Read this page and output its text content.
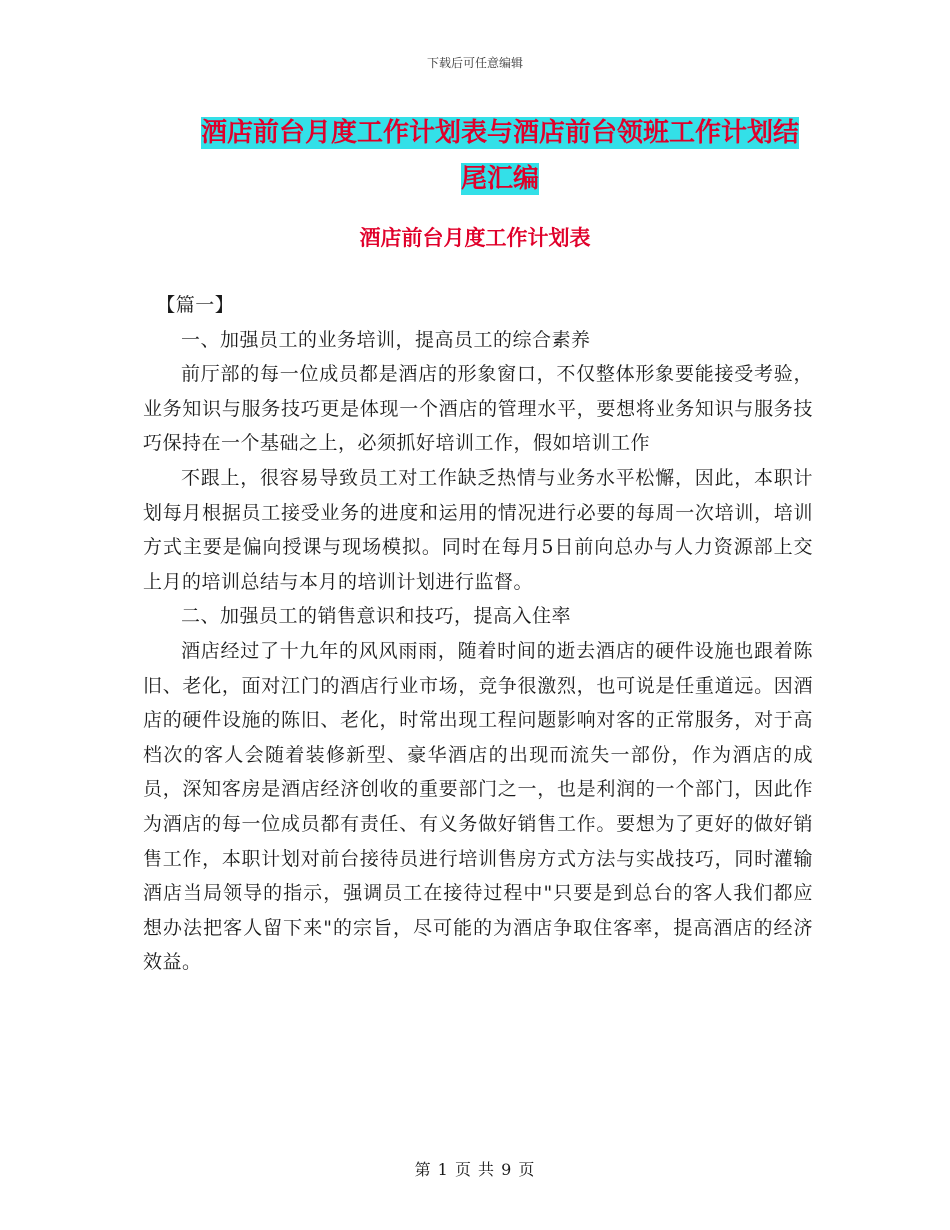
下载后可任意编辑
酒店前台月度工作计划表与酒店前台领班工作计划结尾汇编
酒店前台月度工作计划表

【篇一】

一、加强员工的业务培训，提高员工的综合素养

前厅部的每一位成员都是酒店的形象窗口，不仅整体形象要能接受考验，业务知识与服务技巧更是体现一个酒店的管理水平，要想将业务知识与服务技巧保持在一个基础之上，必须抓好培训工作，假如培训工作

不跟上，很容易导致员工对工作缺乏热情与业务水平松懈，因此，本职计划每月根据员工接受业务的进度和运用的情况进行必要的每周一次培训，培训方式主要是偏向授课与现场模拟。同时在每月5日前向总办与人力资源部上交上月的培训总结与本月的培训计划进行监督。

二、加强员工的销售意识和技巧，提高入住率

酒店经过了十九年的风风雨雨，随着时间的逝去酒店的硬件设施也跟着陈旧、老化，面对江门的酒店行业市场，竞争很激烈，也可说是任重道远。因酒店的硬件设施的陈旧、老化，时常出现工程问题影响对客的正常服务，对于高档次的客人会随着装修新型、豪华酒店的出现而流失一部份，作为酒店的成员，深知客房是酒店经济创收的重要部门之一，也是利润的一个部门，因此作为酒店的每一位成员都有责任、有义务做好销售工作。要想为了更好的做好销售工作，本职计划对前台接待员进行培训售房方式方法与实战技巧，同时灌输酒店当局领导的指示，强调员工在接待过程中"只要是到总台的客人我们都应想办法把客人留下来"的宗旨，尽可能的为酒店争取住客率，提高酒店的经济效益。

第 1 页 共 9 页
